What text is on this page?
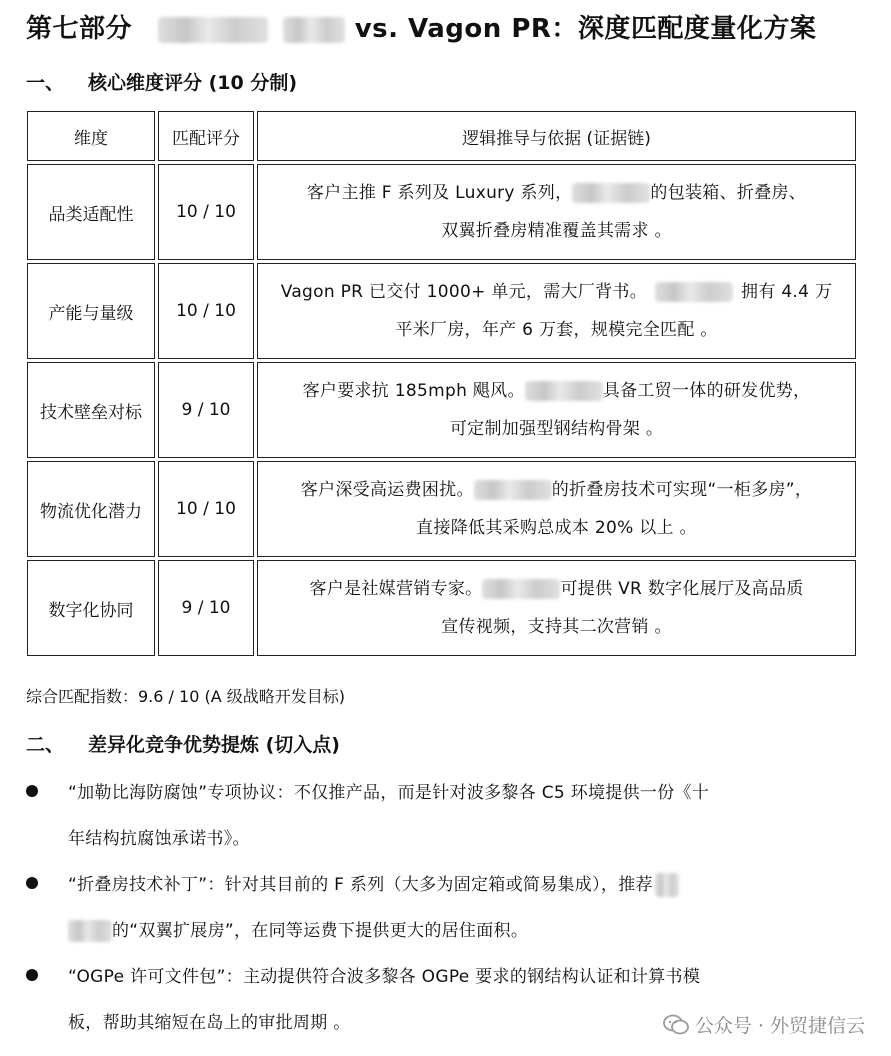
第七部分	vs. Vagon PR：深度匹配度量化方案
一、 核心维度评分 (10 分制)
维度	匹配评分	逻辑推导与依据 (证据链)
品类适配性	10 / 10	客户主推 F 系列及 Luxury 系列， 的包装箱、折叠房、

双翼折叠房精准覆盖其需求 。

产能与量级	10 / 10	Vagon PR 已交付 1000+ 单元，需大厂背书。 拥有 4.4 万

平米厂房，年产 6 万套，规模完全匹配 。

技术壁垒对标	9 / 10	客户要求抗 185mph 飓风。 具备工贸一体的研发优势，

可定制加强型钢结构骨架 。

物流优化潜力	10 / 10	客户深受高运费困扰。 的折叠房技术可实现“一柜多房”，

直接降低其采购总成本 20% 以上 。

数字化协同	9 / 10	客户是社媒营销专家。 可提供 VR 数字化展厅及高品质

宣传视频，支持其二次营销 。
综合匹配指数：9.6 / 10 (A 级战略开发目标)
二、 差异化竞争优势提炼 (切入点)
“加勒比海防腐蚀”专项协议：不仅推产品，而是针对波多黎各 C5 环境提供一份《十
年结构抗腐蚀承诺书》。
“折叠房技术补丁”：针对其目前的 F 系列（大多为固定箱或简易集成），推荐
的“双翼扩展房”，在同等运费下提供更大的居住面积。
“OGPe 许可文件包”：主动提供符合波多黎各 OGPe 要求的钢结构认证和计算书模
板，帮助其缩短在岛上的审批周期 。	公众号 · 外贸捷信云
